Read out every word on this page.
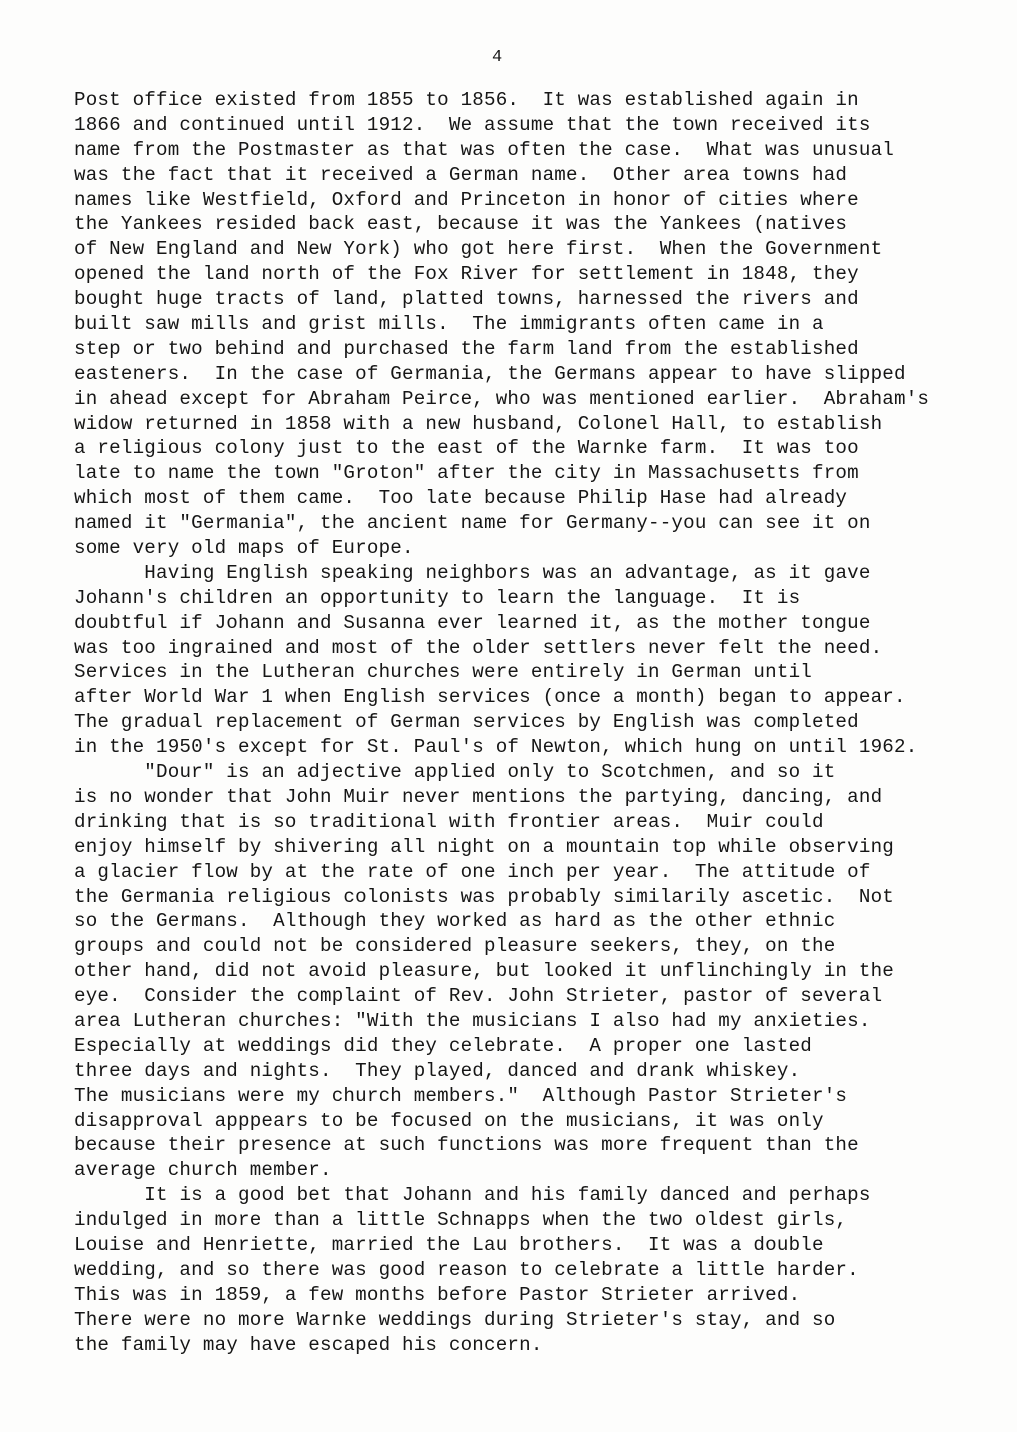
4
Post office existed from 1855 to 1856.  It was established again in
1866 and continued until 1912.  We assume that the town received its
name from the Postmaster as that was often the case.  What was unusual
was the fact that it received a German name.  Other area towns had
names like Westfield, Oxford and Princeton in honor of cities where
the Yankees resided back east, because it was the Yankees (natives
of New England and New York) who got here first.  When the Government
opened the land north of the Fox River for settlement in 1848, they
bought huge tracts of land, platted towns, harnessed the rivers and
built saw mills and grist mills.  The immigrants often came in a
step or two behind and purchased the farm land from the established
easteners.  In the case of Germania, the Germans appear to have slipped
in ahead except for Abraham Peirce, who was mentioned earlier.  Abraham's
widow returned in 1858 with a new husband, Colonel Hall, to establish
a religious colony just to the east of the Warnke farm.  It was too
late to name the town "Groton" after the city in Massachusetts from
which most of them came.  Too late because Philip Hase had already
named it "Germania", the ancient name for Germany--you can see it on
some very old maps of Europe.
Having English speaking neighbors was an advantage, as it gave
Johann's children an opportunity to learn the language.  It is
doubtful if Johann and Susanna ever learned it, as the mother tongue
was too ingrained and most of the older settlers never felt the need.
Services in the Lutheran churches were entirely in German until
after World War 1 when English services (once a month) began to appear.
The gradual replacement of German services by English was completed
in the 1950's except for St. Paul's of Newton, which hung on until 1962.
"Dour" is an adjective applied only to Scotchmen, and so it
is no wonder that John Muir never mentions the partying, dancing, and
drinking that is so traditional with frontier areas.  Muir could
enjoy himself by shivering all night on a mountain top while observing
a glacier flow by at the rate of one inch per year.  The attitude of
the Germania religious colonists was probably similarily ascetic.  Not
so the Germans.  Although they worked as hard as the other ethnic
groups and could not be considered pleasure seekers, they, on the
other hand, did not avoid pleasure, but looked it unflinchingly in the
eye.  Consider the complaint of Rev. John Strieter, pastor of several
area Lutheran churches: "With the musicians I also had my anxieties.
Especially at weddings did they celebrate.  A proper one lasted
three days and nights.  They played, danced and drank whiskey.
The musicians were my church members."  Although Pastor Strieter's
disapproval apppears to be focused on the musicians, it was only
because their presence at such functions was more frequent than the
average church member.
It is a good bet that Johann and his family danced and perhaps
indulged in more than a little Schnapps when the two oldest girls,
Louise and Henriette, married the Lau brothers.  It was a double
wedding, and so there was good reason to celebrate a little harder.
This was in 1859, a few months before Pastor Strieter arrived.
There were no more Warnke weddings during Strieter's stay, and so
the family may have escaped his concern.
